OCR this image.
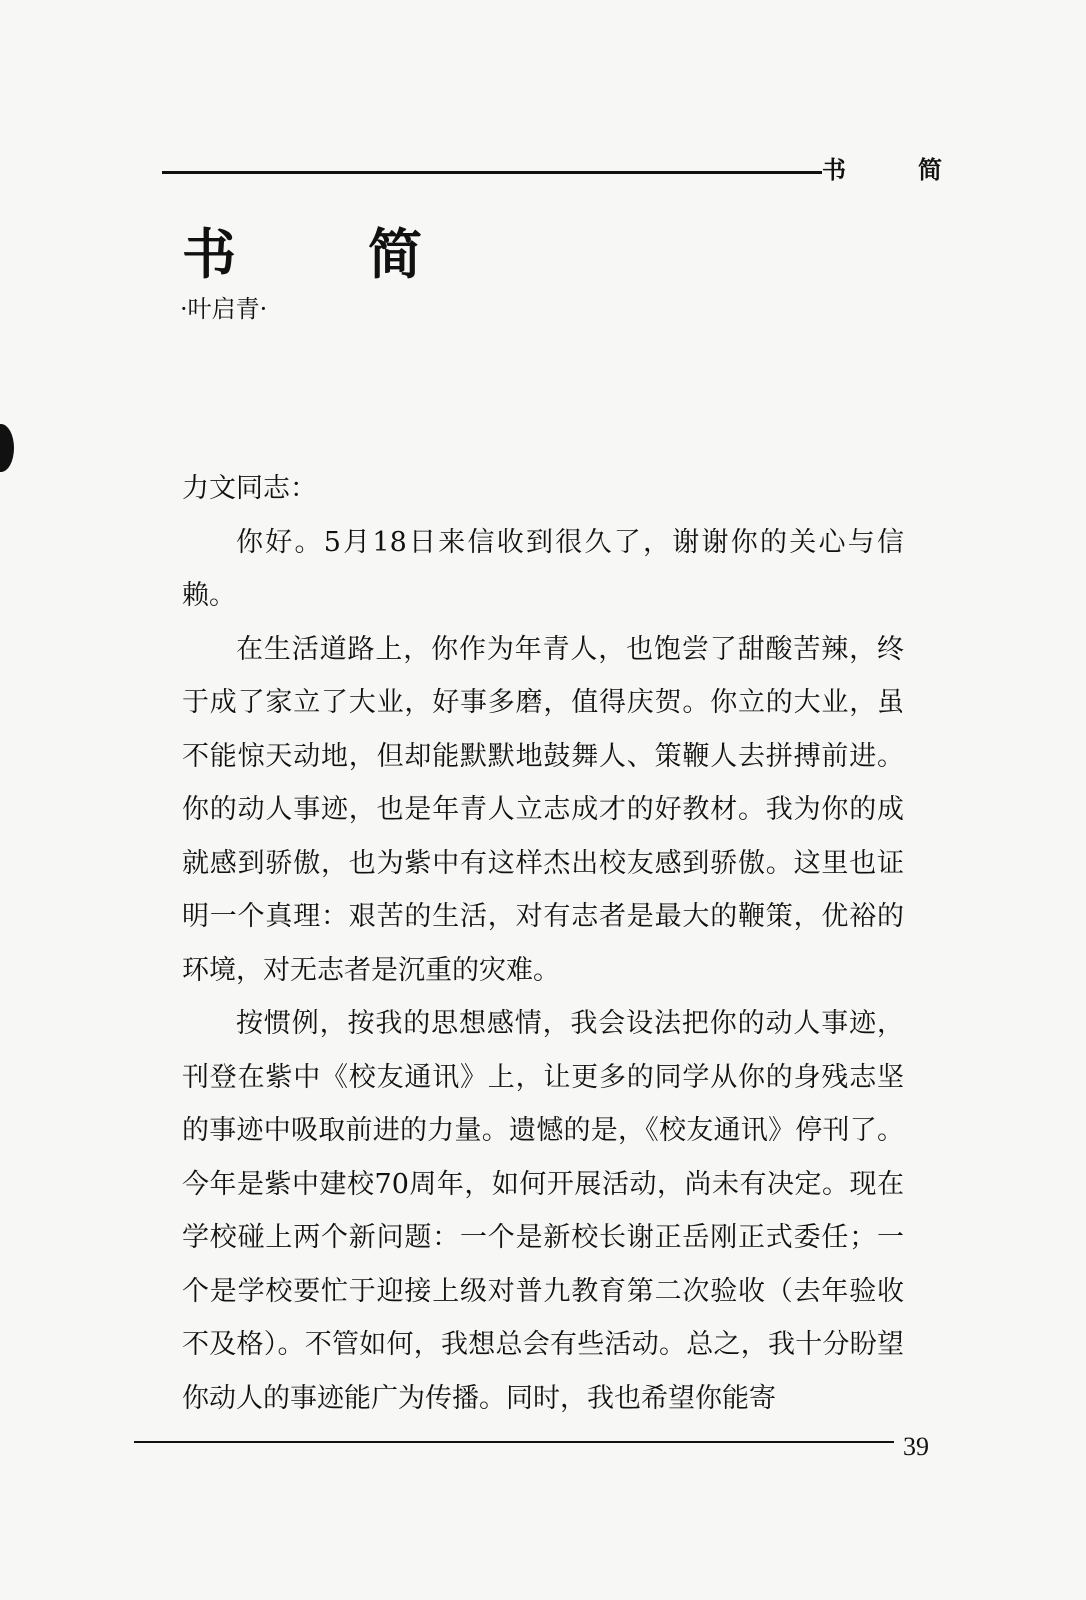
书	简
书 简
·叶启青·

力文同志：

你好。5月18日来信收到很久了，谢谢你的关心与信赖。

在生活道路上，你作为年青人，也饱尝了甜酸苦辣，终于成了家立了大业，好事多磨，值得庆贺。你立的大业，虽不能惊天动地，但却能默默地鼓舞人、策鞭人去拼搏前进。你的动人事迹，也是年青人立志成才的好教材。我为你的成就感到骄傲，也为紫中有这样杰出校友感到骄傲。这里也证明一个真理：艰苦的生活，对有志者是最大的鞭策，优裕的环境，对无志者是沉重的灾难。

按惯例，按我的思想感情，我会设法把你的动人事迹，刊登在紫中《校友通讯》上，让更多的同学从你的身残志坚的事迹中吸取前进的力量。遗憾的是，《校友通讯》停刊了。今年是紫中建校70周年，如何开展活动，尚未有决定。现在学校碰上两个新问题：一个是新校长谢正岳刚正式委任；一个是学校要忙于迎接上级对普九教育第二次验收（去年验收不及格）。不管如何，我想总会有些活动。总之，我十分盼望你动人的事迹能广为传播。同时，我也希望你能寄

39
